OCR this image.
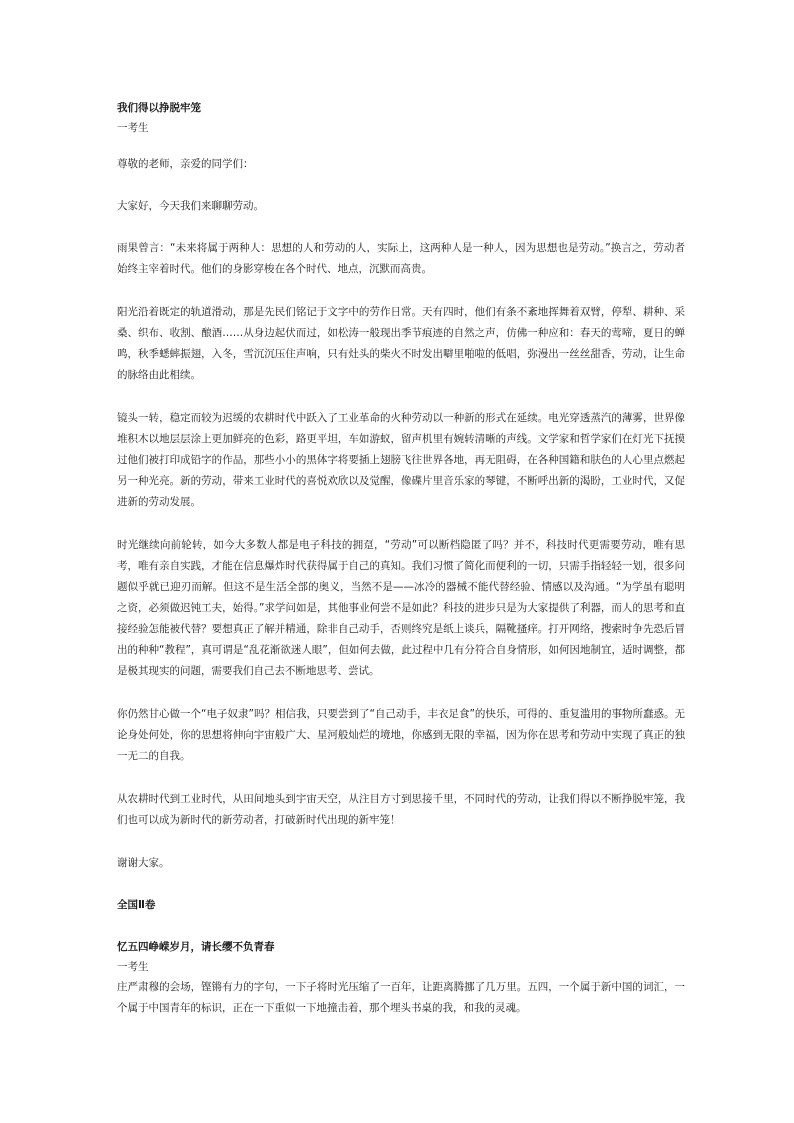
我们得以挣脱牢笼

一考生

尊敬的老师，亲爱的同学们：

大家好，今天我们来聊聊劳动。

雨果曾言：“未来将属于两种人：思想的人和劳动的人，实际上，这两种人是一种人，因为思想也是劳动。”换言之，劳动者始终主宰着时代。他们的身影穿梭在各个时代、地点，沉默而高贵。

阳光沿着既定的轨道滑动，那是先民们铭记于文字中的劳作日常。天有四时，他们有条不紊地挥舞着双臂，停犁、耕种、采桑、织布、收割、酿酒……从身边起伏而过，如松涛一般现出季节痕迹的自然之声，仿佛一种应和：春天的莺啼，夏日的蝉鸣，秋季蟋蟀振翅，入冬，雪沉沉压住声响，只有灶头的柴火不时发出噼里啪啦的低唱，弥漫出一丝丝甜香，劳动，让生命的脉络由此相续。

镜头一转，稳定而较为迟缓的农耕时代中跃入了工业革命的火种劳动以一种新的形式在延续。电光穿透蒸汽的薄雾，世界像堆积木以地层层涂上更加鲜亮的色彩，路更平坦，车如游蚁，留声机里有婉转清晰的声线。文学家和哲学家们在灯光下抚摸过他们被打印成铅字的作品，那些小小的黑体字将要插上翅膀飞往世界各地，再无阻碍，在各种国籍和肤色的人心里点燃起另一种光亮。新的劳动，带来工业时代的喜悦欢欣以及觉醒，像碟片里音乐家的琴键，不断呼出新的渴盼，工业时代，又促进新的劳动发展。

时光继续向前轮转，如今大多数人都是电子科技的拥趸，“劳动”可以断档隐匿了吗？并不，科技时代更需要劳动，唯有思考，唯有亲自实践，才能在信息爆炸时代获得属于自己的真知。我们习惯了简化而便利的一切，只需手指轻轻一划，很多问题似乎就已迎刃而解。但这不是生活全部的奥义，当然不是——冰冷的器械不能代替经验、情感以及沟通。“为学虽有聪明之资，必须做迟钝工夫，始得。”求学问如是，其他事业何尝不是如此？科技的进步只是为大家提供了利器，而人的思考和直接经验怎能被代替？要想真正了解并精通，除非自己动手，否则终究是纸上谈兵，隔靴搔痒。打开网络，搜索时争先恐后冒出的种种“教程”，真可谓是“乱花渐欲迷人眼”，但如何去做，此过程中几有分符合自身情形，如何因地制宜，适时调整，都是极其现实的问题，需要我们自己去不断地思考、尝试。

你仍然甘心做一个“电子奴隶”吗？相信我，只要尝到了“自己动手，丰衣足食”的快乐，可得的、重复滥用的事物所蠢惑。无论身处何处，你的思想将伸向宇宙般广大、星河般灿烂的境地，你感到无限的幸福，因为你在思考和劳动中实现了真正的独一无二的自我。

从农耕时代到工业时代，从田间地头到宇宙天空，从注目方寸到思接千里，不同时代的劳动，让我们得以不断挣脱牢笼，我们也可以成为新时代的新劳动者，打破新时代出现的新牢笼！

谢谢大家。

全国Ⅱ卷

忆五四峥嵘岁月，请长缨不负青春

一考生

庄严肃穆的会场，铿锵有力的字句，一下子将时光压缩了一百年，让距离腾挪了几万里。五四，一个属于新中国的词汇，一个属于中国青年的标识，正在一下重似一下地撞击着，那个埋头书桌的我，和我的灵魂。
